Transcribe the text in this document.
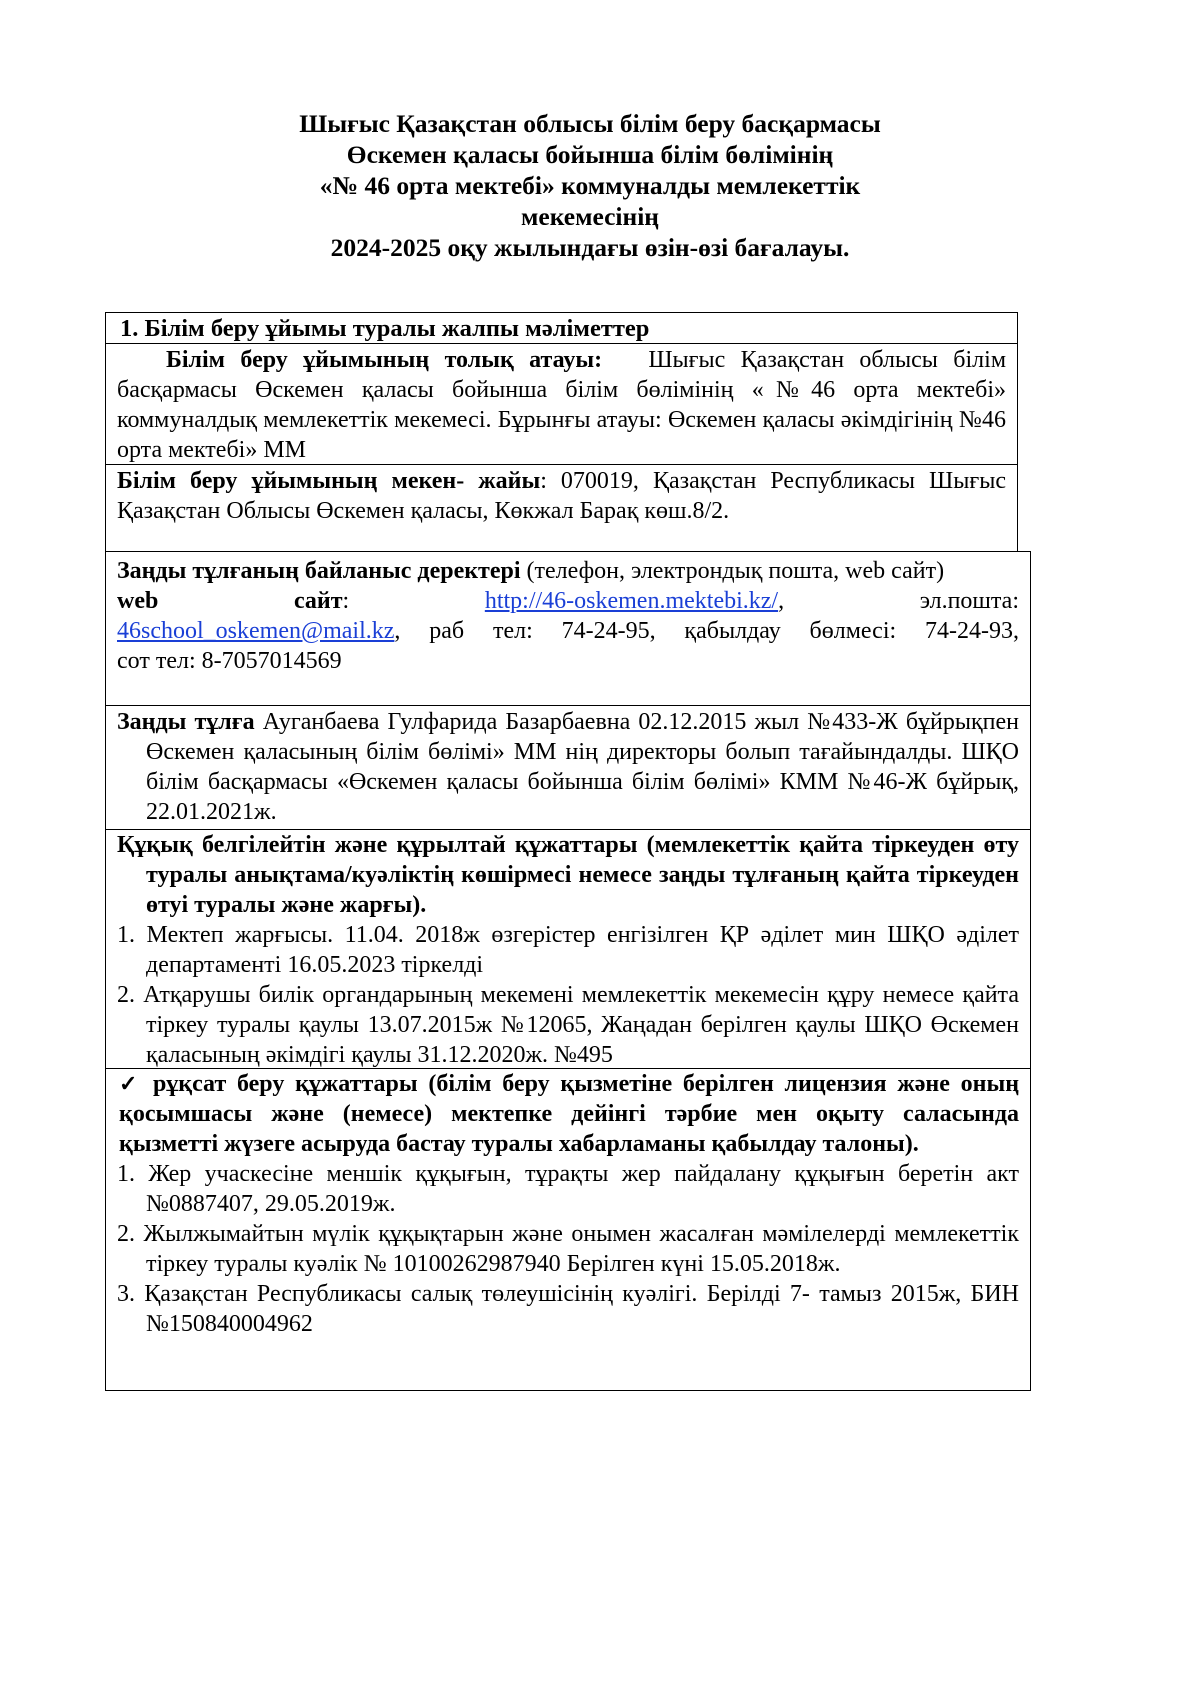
Шығыс Қазақстан облысы білім беру басқармасы
Өскемен қаласы бойынша білім бөлімінің
«№ 46 орта мектебі» коммуналды мемлекеттік
мекемесінің
2024-2025 оқу жылындағы өзін-өзі бағалауы.
1. Білім беру ұйымы туралы жалпы мәліметтер
Білім беру ұйымының толық атауы: Шығыс Қазақстан облысы білім басқармасы Өскемен қаласы бойынша білім бөлімінің «№46 орта мектебі» коммуналдық мемлекеттік мекемесі. Бұрынғы атауы: Өскемен қаласы әкімдігінің №46 орта мектебі» ММ
Білім беру ұйымының мекен- жайы: 070019, Қазақстан Республикасы Шығыс Қазақстан Облысы Өскемен қаласы, Көкжал Барақ көш.8/2.
Заңды тұлғаның байланыс деректері (телефон, электрондық пошта, web сайт)
web сайт:	http://46-oskemen.mektebi.kz/,	эл.пошта:
46school_oskemen@mail.kz, раб тел: 74-24-95, қабылдау бөлмесі: 74-24-93,
сот тел: 8-7057014569
Заңды тұлға Ауганбаева Гулфарида Базарбаевна 02.12.2015 жыл №433-Ж бұйрықпен Өскемен қаласының білім бөлімі» ММ нің директоры болып тағайындалды. ШҚО білім басқармасы «Өскемен қаласы бойынша білім бөлімі» КММ №46-Ж бұйрық, 22.01.2021ж.
Құқық белгілейтін және құрылтай құжаттары (мемлекеттік қайта тіркеуден өту туралы анықтама/куәліктің көшірмесі немесе заңды тұлғаның қайта тіркеуден өтуі туралы және жарғы).
1. Мектеп жарғысы. 11.04. 2018ж өзгерістер енгізілген ҚР әділет мин ШҚО әділет департаменті 16.05.2023 тіркелді
2. Атқарушы билік органдарының мекемені мемлекеттік мекемесін құру немесе қайта тіркеу туралы қаулы 13.07.2015ж №12065, Жаңадан берілген қаулы ШҚО Өскемен қаласының әкімдігі қаулы 31.12.2020ж. №495
✓ рұқсат беру құжаттары (білім беру қызметіне берілген лицензия және оның қосымшасы және (немесе) мектепке дейінгі тәрбие мен оқыту саласында қызметті жүзеге асыруда бастау туралы хабарламаны қабылдау талоны).
1. Жер учаскесіне меншік құқығын, тұрақты жер пайдалану құқығын беретін акт №0887407, 29.05.2019ж.
2. Жылжымайтын мүлік құқықтарын және онымен жасалған мәмілелерді мемлекеттік тіркеу туралы куәлік № 10100262987940 Берілген күні 15.05.2018ж.
3. Қазақстан Республикасы салық төлеушісінің куәлігі. Берілді 7- тамыз 2015ж, БИН №150840004962
